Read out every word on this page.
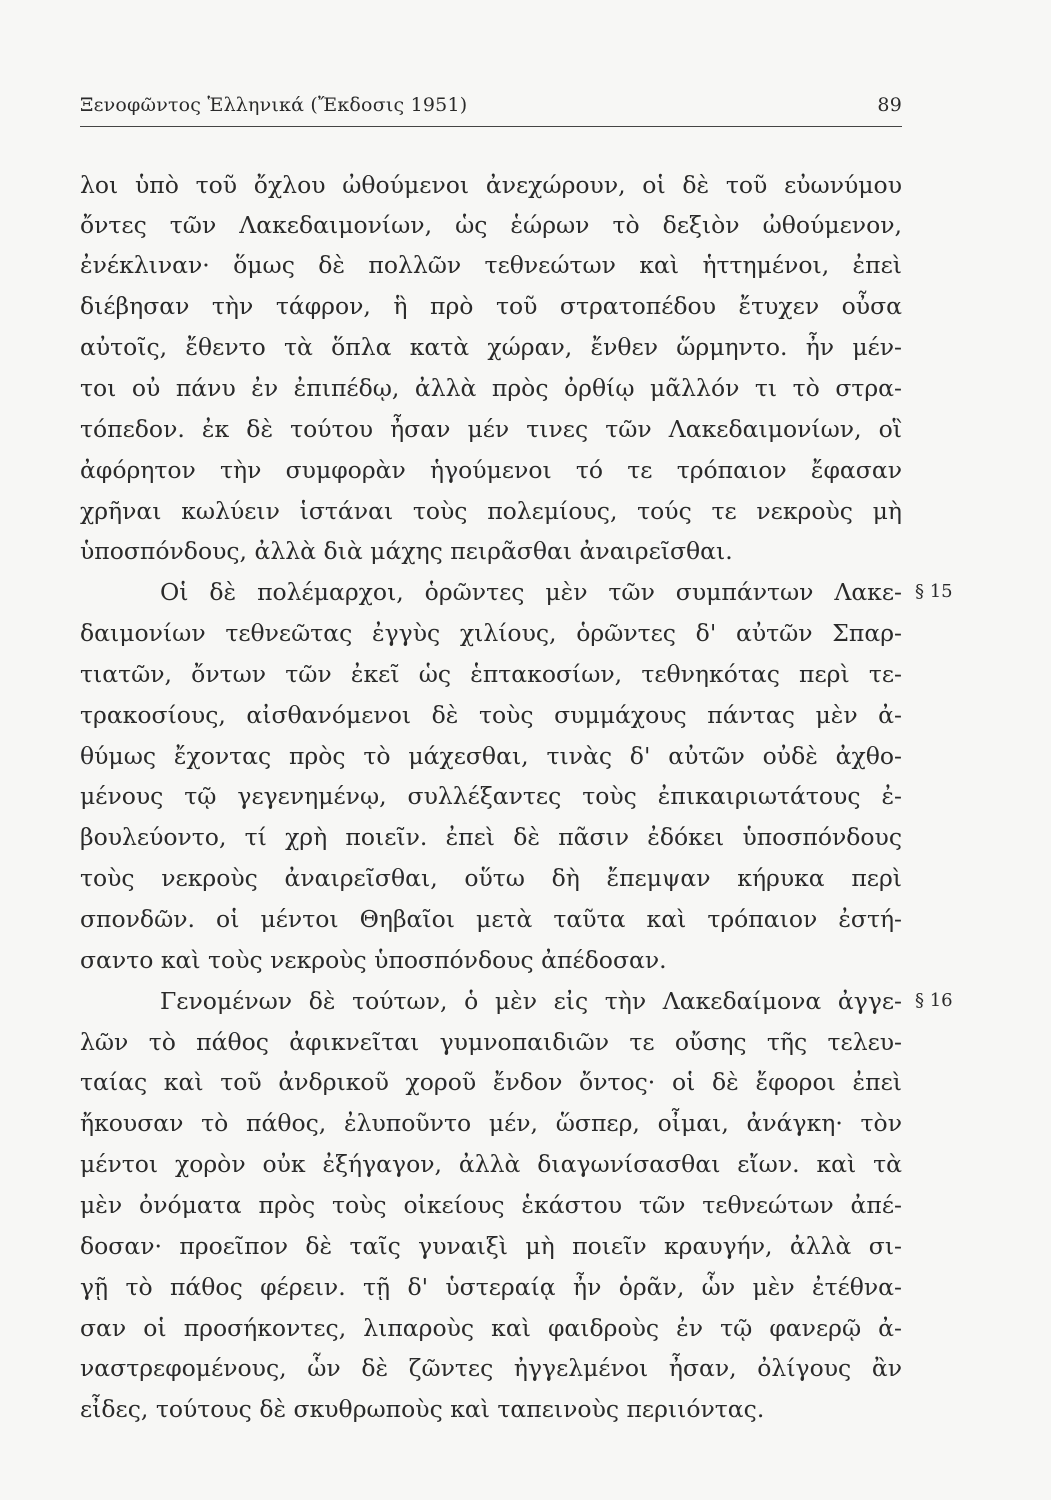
Ξενοφῶντος Ἑλληνικά (Ἔκδοσις 1951)	89
λοι ὑπὸ τοῦ ὄχλου ὠθούμενοι ἀνεχώρουν, οἱ δὲ τοῦ εὐωνύμου
ὄντες τῶν Λακεδαιμονίων, ὡς ἑώρων τὸ δεξιὸν ὠθούμενον,
ἐνέκλιναν· ὅμως δὲ πολλῶν τεθνεώτων καὶ ἡττημένοι, ἐπεὶ
διέβησαν τὴν τάφρον, ἣ πρὸ τοῦ στρατοπέδου ἔτυχεν οὖσα
αὐτοῖς, ἔθεντο τὰ ὅπλα κατὰ χώραν, ἔνθεν ὥρμηντο. ἦν μέν-
τοι οὐ πάνυ ἐν ἐπιπέδῳ, ἀλλὰ πρὸς ὀρθίῳ μᾶλλόν τι τὸ στρα-
τόπεδον. ἐκ δὲ τούτου ἦσαν μέν τινες τῶν Λακεδαιμονίων, οἳ
ἀφόρητον τὴν συμφορὰν ἡγούμενοι τό τε τρόπαιον ἔφασαν
χρῆναι κωλύειν ἱστάναι τοὺς πολεμίους, τούς τε νεκροὺς μὴ
ὑποσπόνδους, ἀλλὰ διὰ μάχης πειρᾶσθαι ἀναιρεῖσθαι.
Οἱ δὲ πολέμαρχοι, ὁρῶντες μὲν τῶν συμπάντων Λακε- § 15
δαιμονίων τεθνεῶτας ἐγγὺς χιλίους, ὁρῶντες δ' αὐτῶν Σπαρ-
τιατῶν, ὄντων τῶν ἐκεῖ ὡς ἑπτακοσίων, τεθνηκότας περὶ τε-
τρακοσίους, αἰσθανόμενοι δὲ τοὺς συμμάχους πάντας μὲν ἀ-
θύμως ἔχοντας πρὸς τὸ μάχεσθαι, τινὰς δ' αὐτῶν οὐδὲ ἀχθο-
μένους τῷ γεγενημένῳ, συλλέξαντες τοὺς ἐπικαιριωτάτους ἐ-
βουλεύοντο, τί χρὴ ποιεῖν. ἐπεὶ δὲ πᾶσιν ἐδόκει ὑποσπόνδους
τοὺς νεκροὺς ἀναιρεῖσθαι, οὕτω δὴ ἔπεμψαν κήρυκα περὶ
σπονδῶν. οἱ μέντοι Θηβαῖοι μετὰ ταῦτα καὶ τρόπαιον ἐστή-
σαντο καὶ τοὺς νεκροὺς ὑποσπόνδους ἀπέδοσαν.
Γενομένων δὲ τούτων, ὁ μὲν εἰς τὴν Λακεδαίμονα ἀγγε- § 16
λῶν τὸ πάθος ἀφικνεῖται γυμνοπαιδιῶν τε οὔσης τῆς τελευ-
ταίας καὶ τοῦ ἀνδρικοῦ χοροῦ ἔνδον ὄντος· οἱ δὲ ἔφοροι ἐπεὶ
ἤκουσαν τὸ πάθος, ἐλυποῦντο μέν, ὥσπερ, οἶμαι, ἀνάγκη· τὸν
μέντοι χορὸν οὐκ ἐξήγαγον, ἀλλὰ διαγωνίσασθαι εἴων. καὶ τὰ
μὲν ὀνόματα πρὸς τοὺς οἰκείους ἑκάστου τῶν τεθνεώτων ἀπέ-
δοσαν· προεῖπον δὲ ταῖς γυναιξὶ μὴ ποιεῖν κραυγήν, ἀλλὰ σι-
γῇ τὸ πάθος φέρειν. τῇ δ' ὑστεραίᾳ ἦν ὁρᾶν, ὧν μὲν ἐτέθνα-
σαν οἱ προσήκοντες, λιπαροὺς καὶ φαιδροὺς ἐν τῷ φανερῷ ἀ-
ναστρεφομένους, ὧν δὲ ζῶντες ἠγγελμένοι ἦσαν, ὀλίγους ἂν
εἶδες, τούτους δὲ σκυθρωποὺς καὶ ταπεινοὺς περιιόντας.
